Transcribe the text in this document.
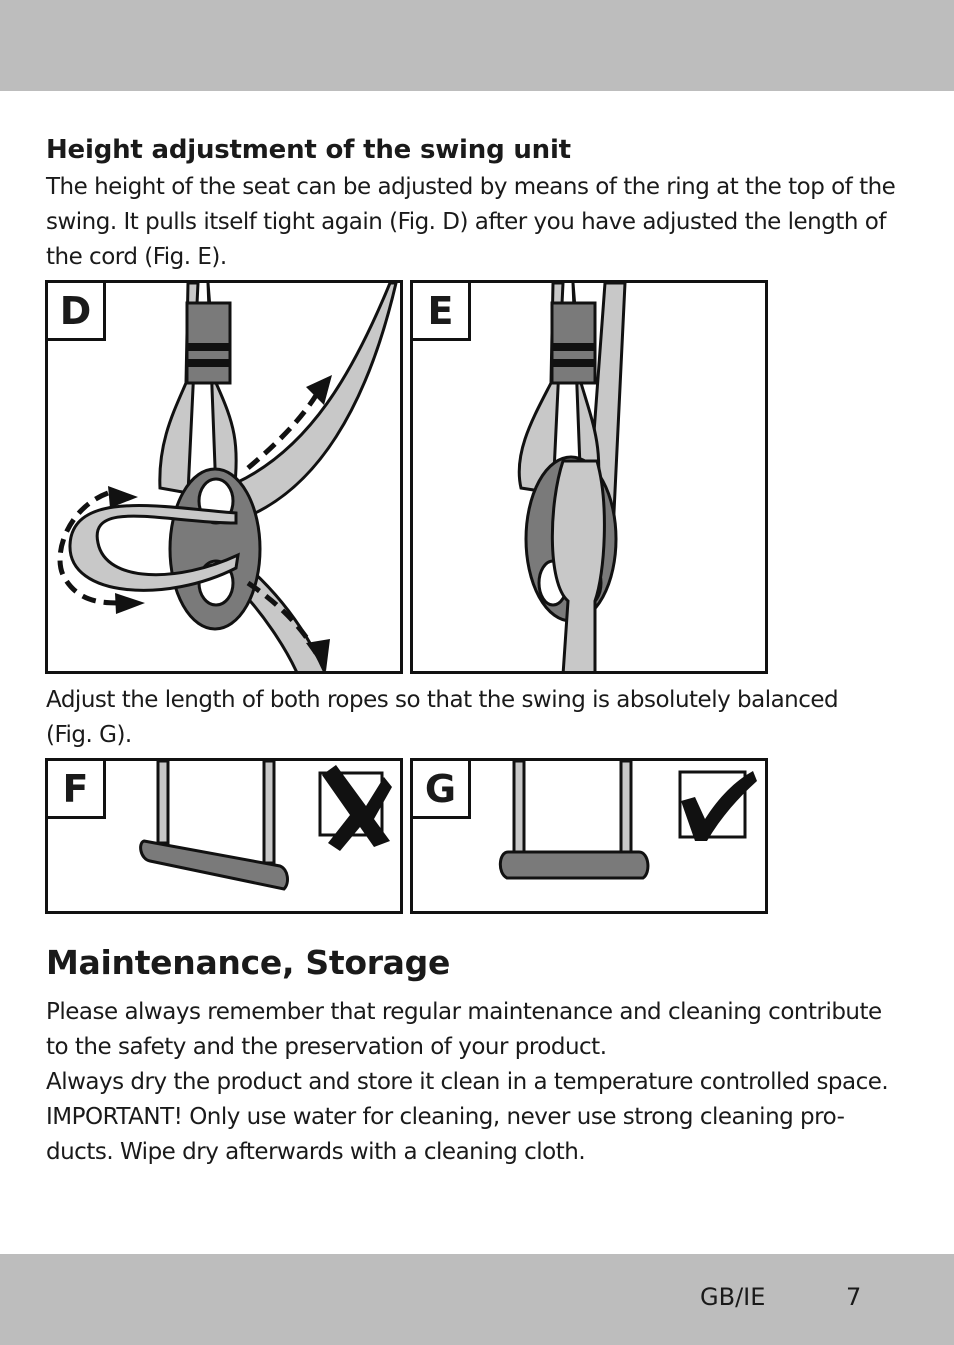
Height adjustment of the swing unit
The height of the seat can be adjusted by means of the ring at the top of the
swing. It pulls itself tight again (Fig. D) after you have adjusted the length of
the cord (Fig. E).
D	E
Adjust the length of both ropes so that the swing is absolutely balanced
(Fig. G).
F	G
Maintenance, Storage
Please always remember that regular maintenance and cleaning contribute
to the safety and the preservation of your product.
Always dry the product and store it clean in a temperature controlled space.
IMPORTANT! Only use water for cleaning, never use strong cleaning pro-
ducts. Wipe dry afterwards with a cleaning cloth.
GB/IE	7
